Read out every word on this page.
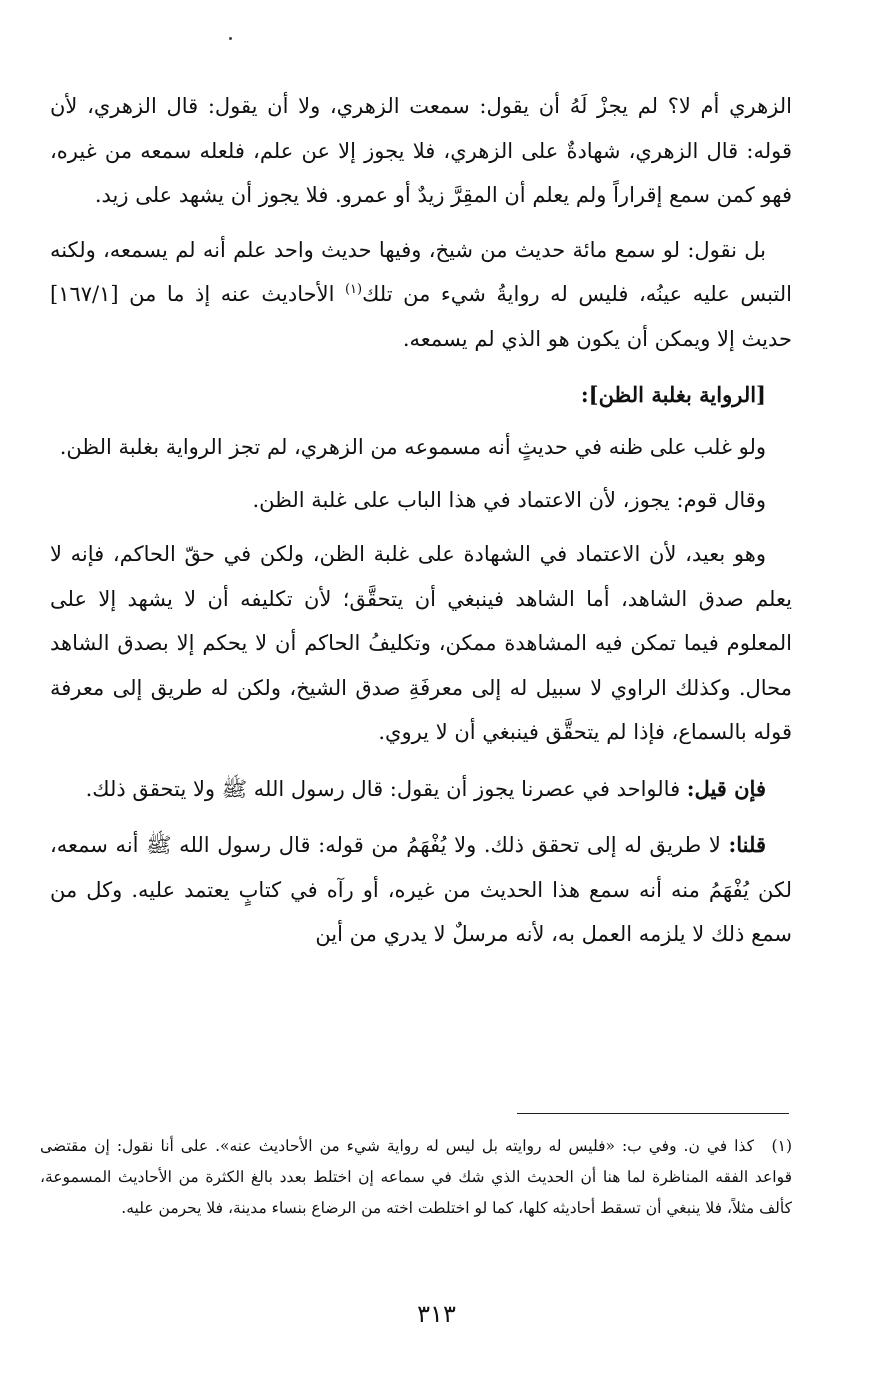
الزهري أم لا؟ لم يجزْ لَهُ أن يقول: سمعت الزهري، ولا أن يقول: قال الزهري، لأن قوله: قال الزهري، شهادةٌ على الزهري، فلا يجوز إلا عن علم، فلعله سمعه من غيره، فهو كمن سمع إقراراً ولم يعلم أن المقِرَّ زيدٌ أو عمرو. فلا يجوز أن يشهد على زيد.

بل نقول: لو سمع مائة حديث من شيخ، وفيها حديث واحد علم أنه لم يسمعه، ولكنه التبس عليه عينُه، فليس له روايةُ شيء من تلك$^{(١)}$ الأحاديث عنه إذ ما من [١٦٧/١] حديث إلا ويمكن أن يكون هو الذي لم يسمعه.

[الرواية بغلبة الظن]:

ولو غلب على ظنه في حديثٍ أنه مسموعه من الزهري، لم تجز الرواية بغلبة الظن.

وقال قوم: يجوز، لأن الاعتماد في هذا الباب على غلبة الظن.

وهو بعيد، لأن الاعتماد في الشهادة على غلبة الظن، ولكن في حقّ الحاكم، فإنه لا يعلم صدق الشاهد، أما الشاهد فينبغي أن يتحقَّق؛ لأن تكليفه أن لا يشهد إلا على المعلوم فيما تمكن فيه المشاهدة ممكن، وتكليفُ الحاكم أن لا يحكم إلا بصدق الشاهد محال. وكذلك الراوي لا سبيل له إلى معرفَةِ صدق الشيخ، ولكن له طريق إلى معرفة قوله بالسماع، فإذا لم يتحقَّق فينبغي أن لا يروي.

فإن قيل: فالواحد في عصرنا يجوز أن يقول: قال رسول الله ﷺ ولا يتحقق ذلك.

قلنا: لا طريق له إلى تحقق ذلك. ولا يُفْهَمُ من قوله: قال رسول الله ﷺ أنه سمعه، لكن يُفْهَمُ منه أنه سمع هذا الحديث من غيره، أو رآه في كتابٍ يعتمد عليه. وكل من سمع ذلك لا يلزمه العمل به، لأنه مرسلٌ لا يدري من أين

(١)كذا في ن. وفي ب: «فليس له روايته بل ليس له رواية شيء من الأحاديث عنه». على أنا نقول: إن مقتضى قواعد الفقه المناظرة لما هنا أن الحديث الذي شك في سماعه إن اختلط بعدد بالغ الكثرة من الأحاديث المسموعة، كألف مثلاً، فلا ينبغي أن تسقط أحاديثه كلها، كما لو اختلطت اخته من الرضاع بنساء مدينة، فلا يحرمن عليه.

٣١٣
